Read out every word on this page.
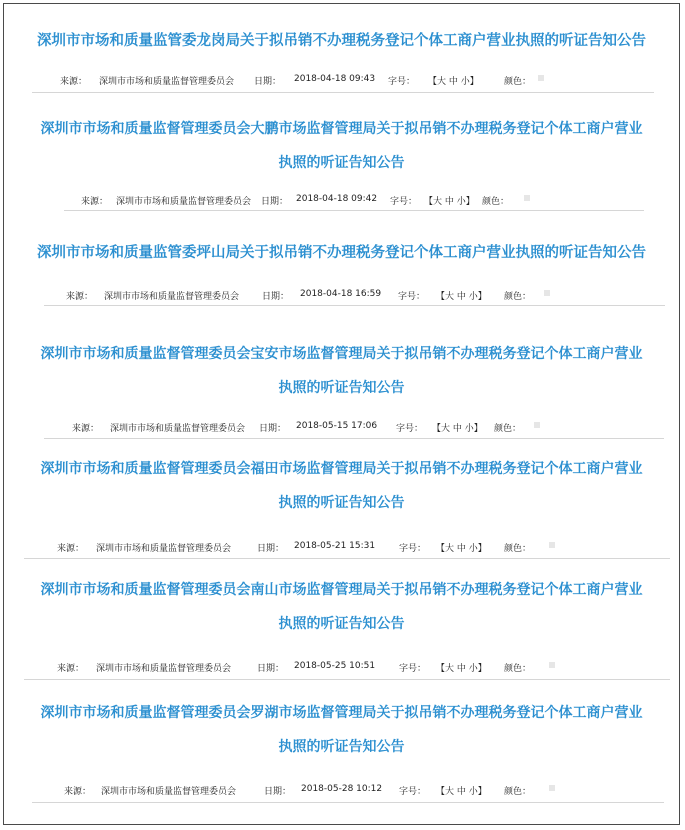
深圳市市场和质量监管委龙岗局关于拟吊销不办理税务登记个体工商户营业执照的听证告知公告
来源： 深圳市市场和质量监督管理委员会 日期： 2018-04-18 09:43 字号： 【大 中 小】	颜色：
深圳市市场和质量监督管理委员会大鹏市场监督管理局关于拟吊销不办理税务登记个体工商户营业
执照的听证告知公告
来源： 深圳市市场和质量监督管理委员会 日期： 2018-04-18 09:42 字号： 【大 中 小】 颜色：
深圳市市场和质量监管委坪山局关于拟吊销不办理税务登记个体工商户营业执照的听证告知公告
来源： 深圳市市场和质量监督管理委员会	日期： 2018-04-18 16:59 字号： 【大 中 小】 颜色：
深圳市市场和质量监督管理委员会宝安市场监督管理局关于拟吊销不办理税务登记个体工商户营业
执照的听证告知公告
来源： 深圳市市场和质量监督管理委员会 日期： 2018-05-15 17:06 字号： 【大 中 小】 颜色：
深圳市市场和质量监督管理委员会福田市场监督管理局关于拟吊销不办理税务登记个体工商户营业
执照的听证告知公告
来源： 深圳市市场和质量监督管理委员会	日期： 2018-05-21 15:31	字号： 【大 中 小】 颜色：
深圳市市场和质量监督管理委员会南山市场监督管理局关于拟吊销不办理税务登记个体工商户营业
执照的听证告知公告
来源： 深圳市市场和质量监督管理委员会	日期： 2018-05-25 10:51	字号： 【大 中 小】 颜色：
深圳市市场和质量监督管理委员会罗湖市场监督管理局关于拟吊销不办理税务登记个体工商户营业
执照的听证告知公告
来源： 深圳市市场和质量监督管理委员会	日期： 2018-05-28 10:12 字号： 【大 中 小】 颜色：
